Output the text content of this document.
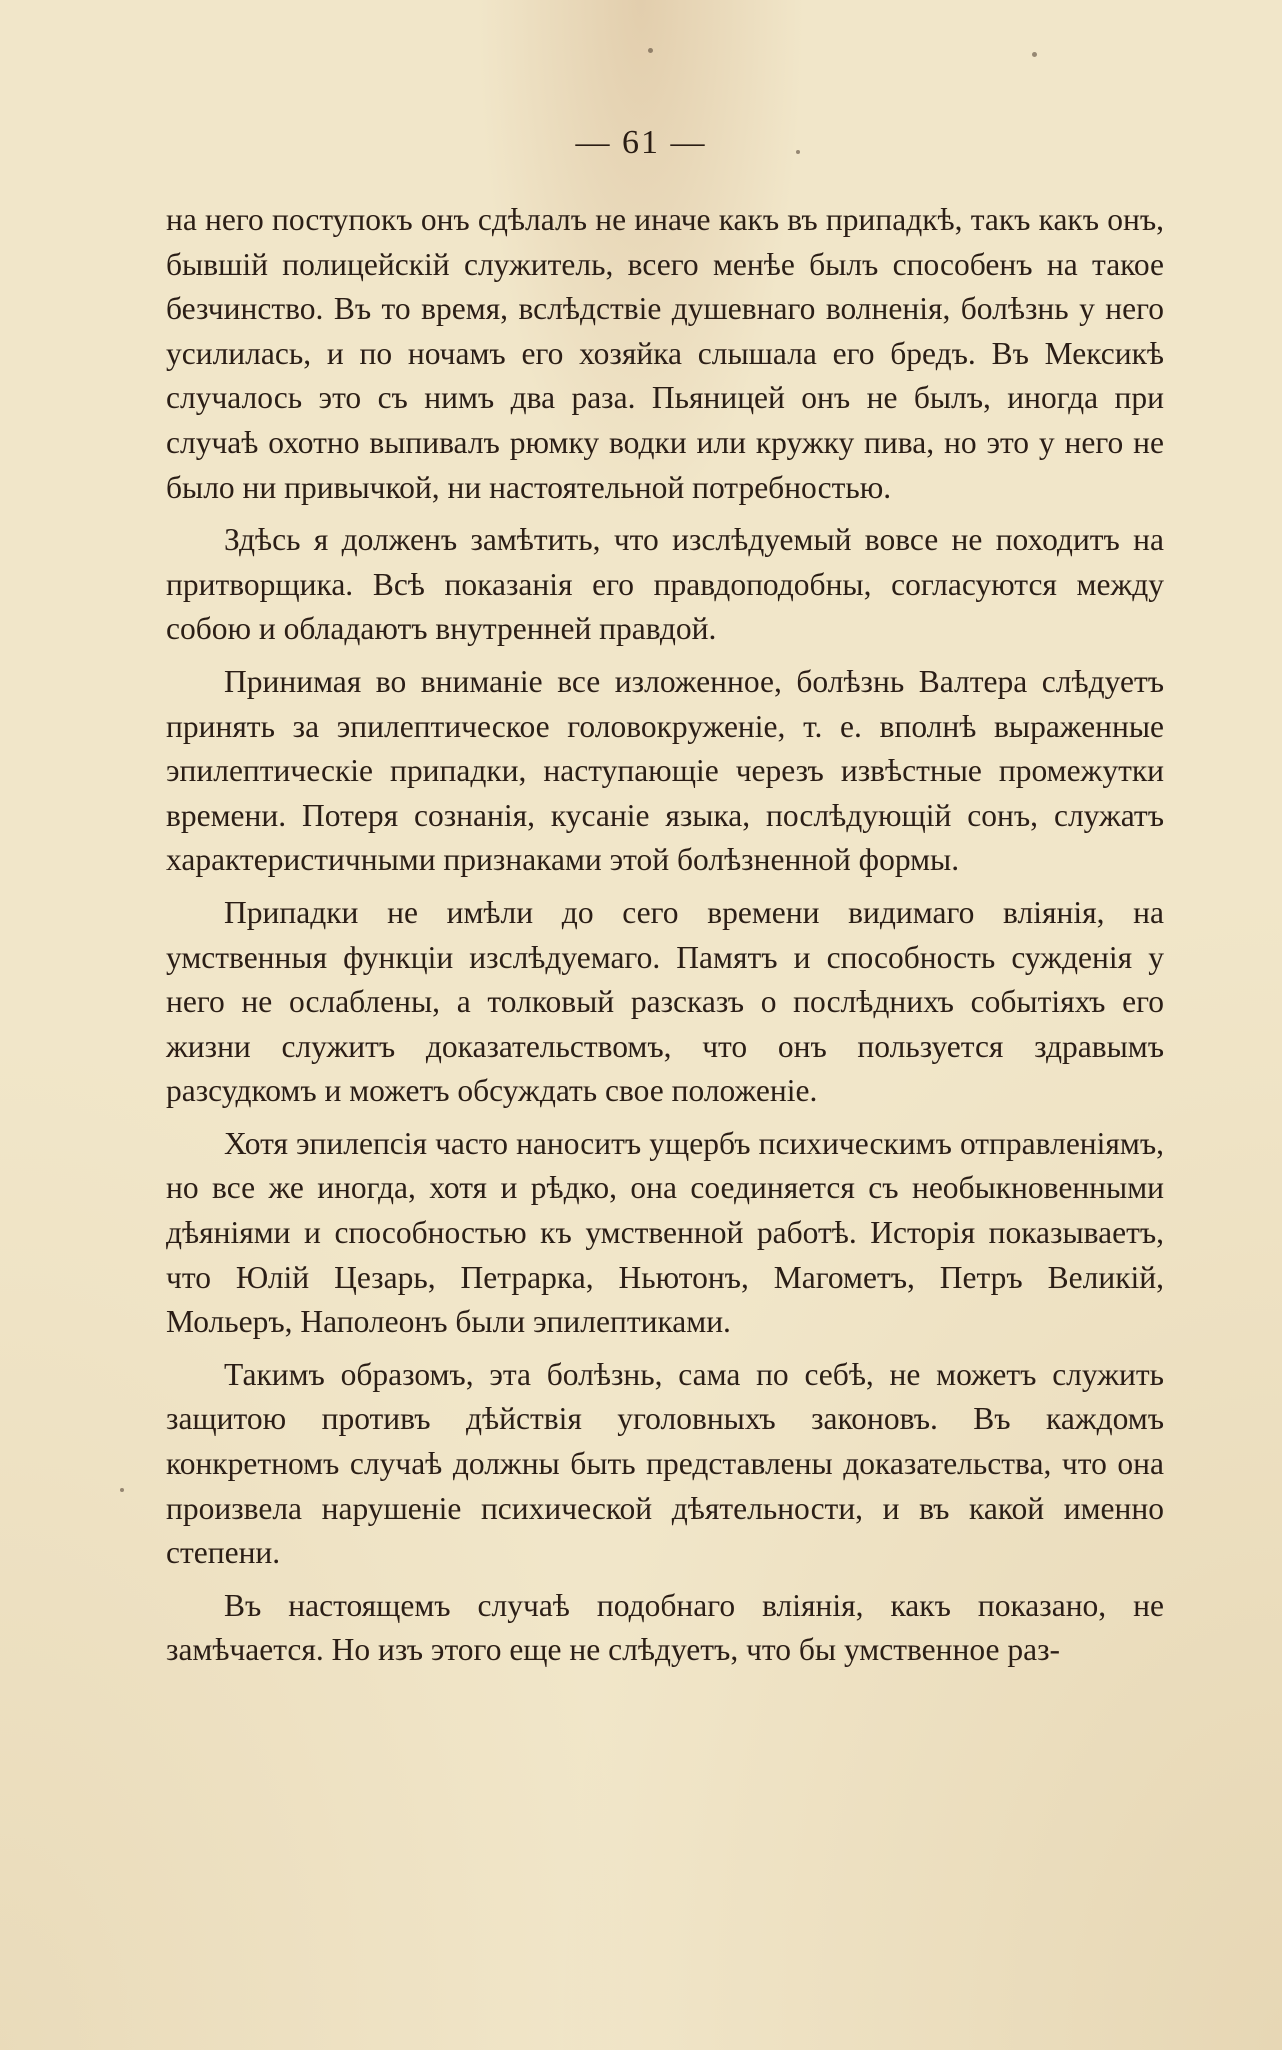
— 61 —

на него поступокъ онъ сдѣлалъ не иначе какъ въ припадкѣ, такъ какъ онъ, бывшій полицейскій служитель, всего менѣе былъ способенъ на такое безчинство. Въ то время, вслѣдствіе душевнаго волненія, болѣзнь у него усилилась, и по ночамъ его хозяйка слышала его бредъ. Въ Мексикѣ случалось это съ нимъ два раза. Пьяницей онъ не былъ, иногда при случаѣ охотно выпивалъ рюмку водки или кружку пива, но это у него не было ни привычкой, ни настоятельной потребностью.

Здѣсь я долженъ замѣтить, что изслѣдуемый вовсе не походитъ на притворщика. Всѣ показанія его правдоподобны, согласуются между собою и обладаютъ внутренней правдой.

Принимая во вниманіе все изложенное, болѣзнь Валтера слѣдуетъ принять за эпилептическое головокруженіе, т. е. вполнѣ выраженные эпилептическіе припадки, наступающіе черезъ извѣстные промежутки времени. Потеря сознанія, кусаніе языка, послѣдующій сонъ, служатъ характеристичными признаками этой болѣзненной формы.

Припадки не имѣли до сего времени видимаго вліянія, на умственныя функціи изслѣдуемаго. Памятъ и способность сужденія у него не ослаблены, а толковый разсказъ о послѣднихъ событіяхъ его жизни служитъ доказательствомъ, что онъ пользуется здравымъ разсудкомъ и можетъ обсуждать свое положеніе.

Хотя эпилепсія часто наноситъ ущербъ психическимъ отправленіямъ, но все же иногда, хотя и рѣдко, она соединяется съ необыкновенными дѣяніями и способностью къ умственной работѣ. Исторія показываетъ, что Юлій Цезарь, Петрарка, Ньютонъ, Магометъ, Петръ Великій, Мольеръ, Наполеонъ были эпилептиками.

Такимъ образомъ, эта болѣзнь, сама по себѣ, не можетъ служить защитою противъ дѣйствія уголовныхъ законовъ. Въ каждомъ конкретномъ случаѣ должны быть представлены доказательства, что она произвела нарушеніе психической дѣятельности, и въ какой именно степени.

Въ настоящемъ случаѣ подобнаго вліянія, какъ показано, не замѣчается. Но изъ этого еще не слѣдуетъ, что бы умственное раз-
